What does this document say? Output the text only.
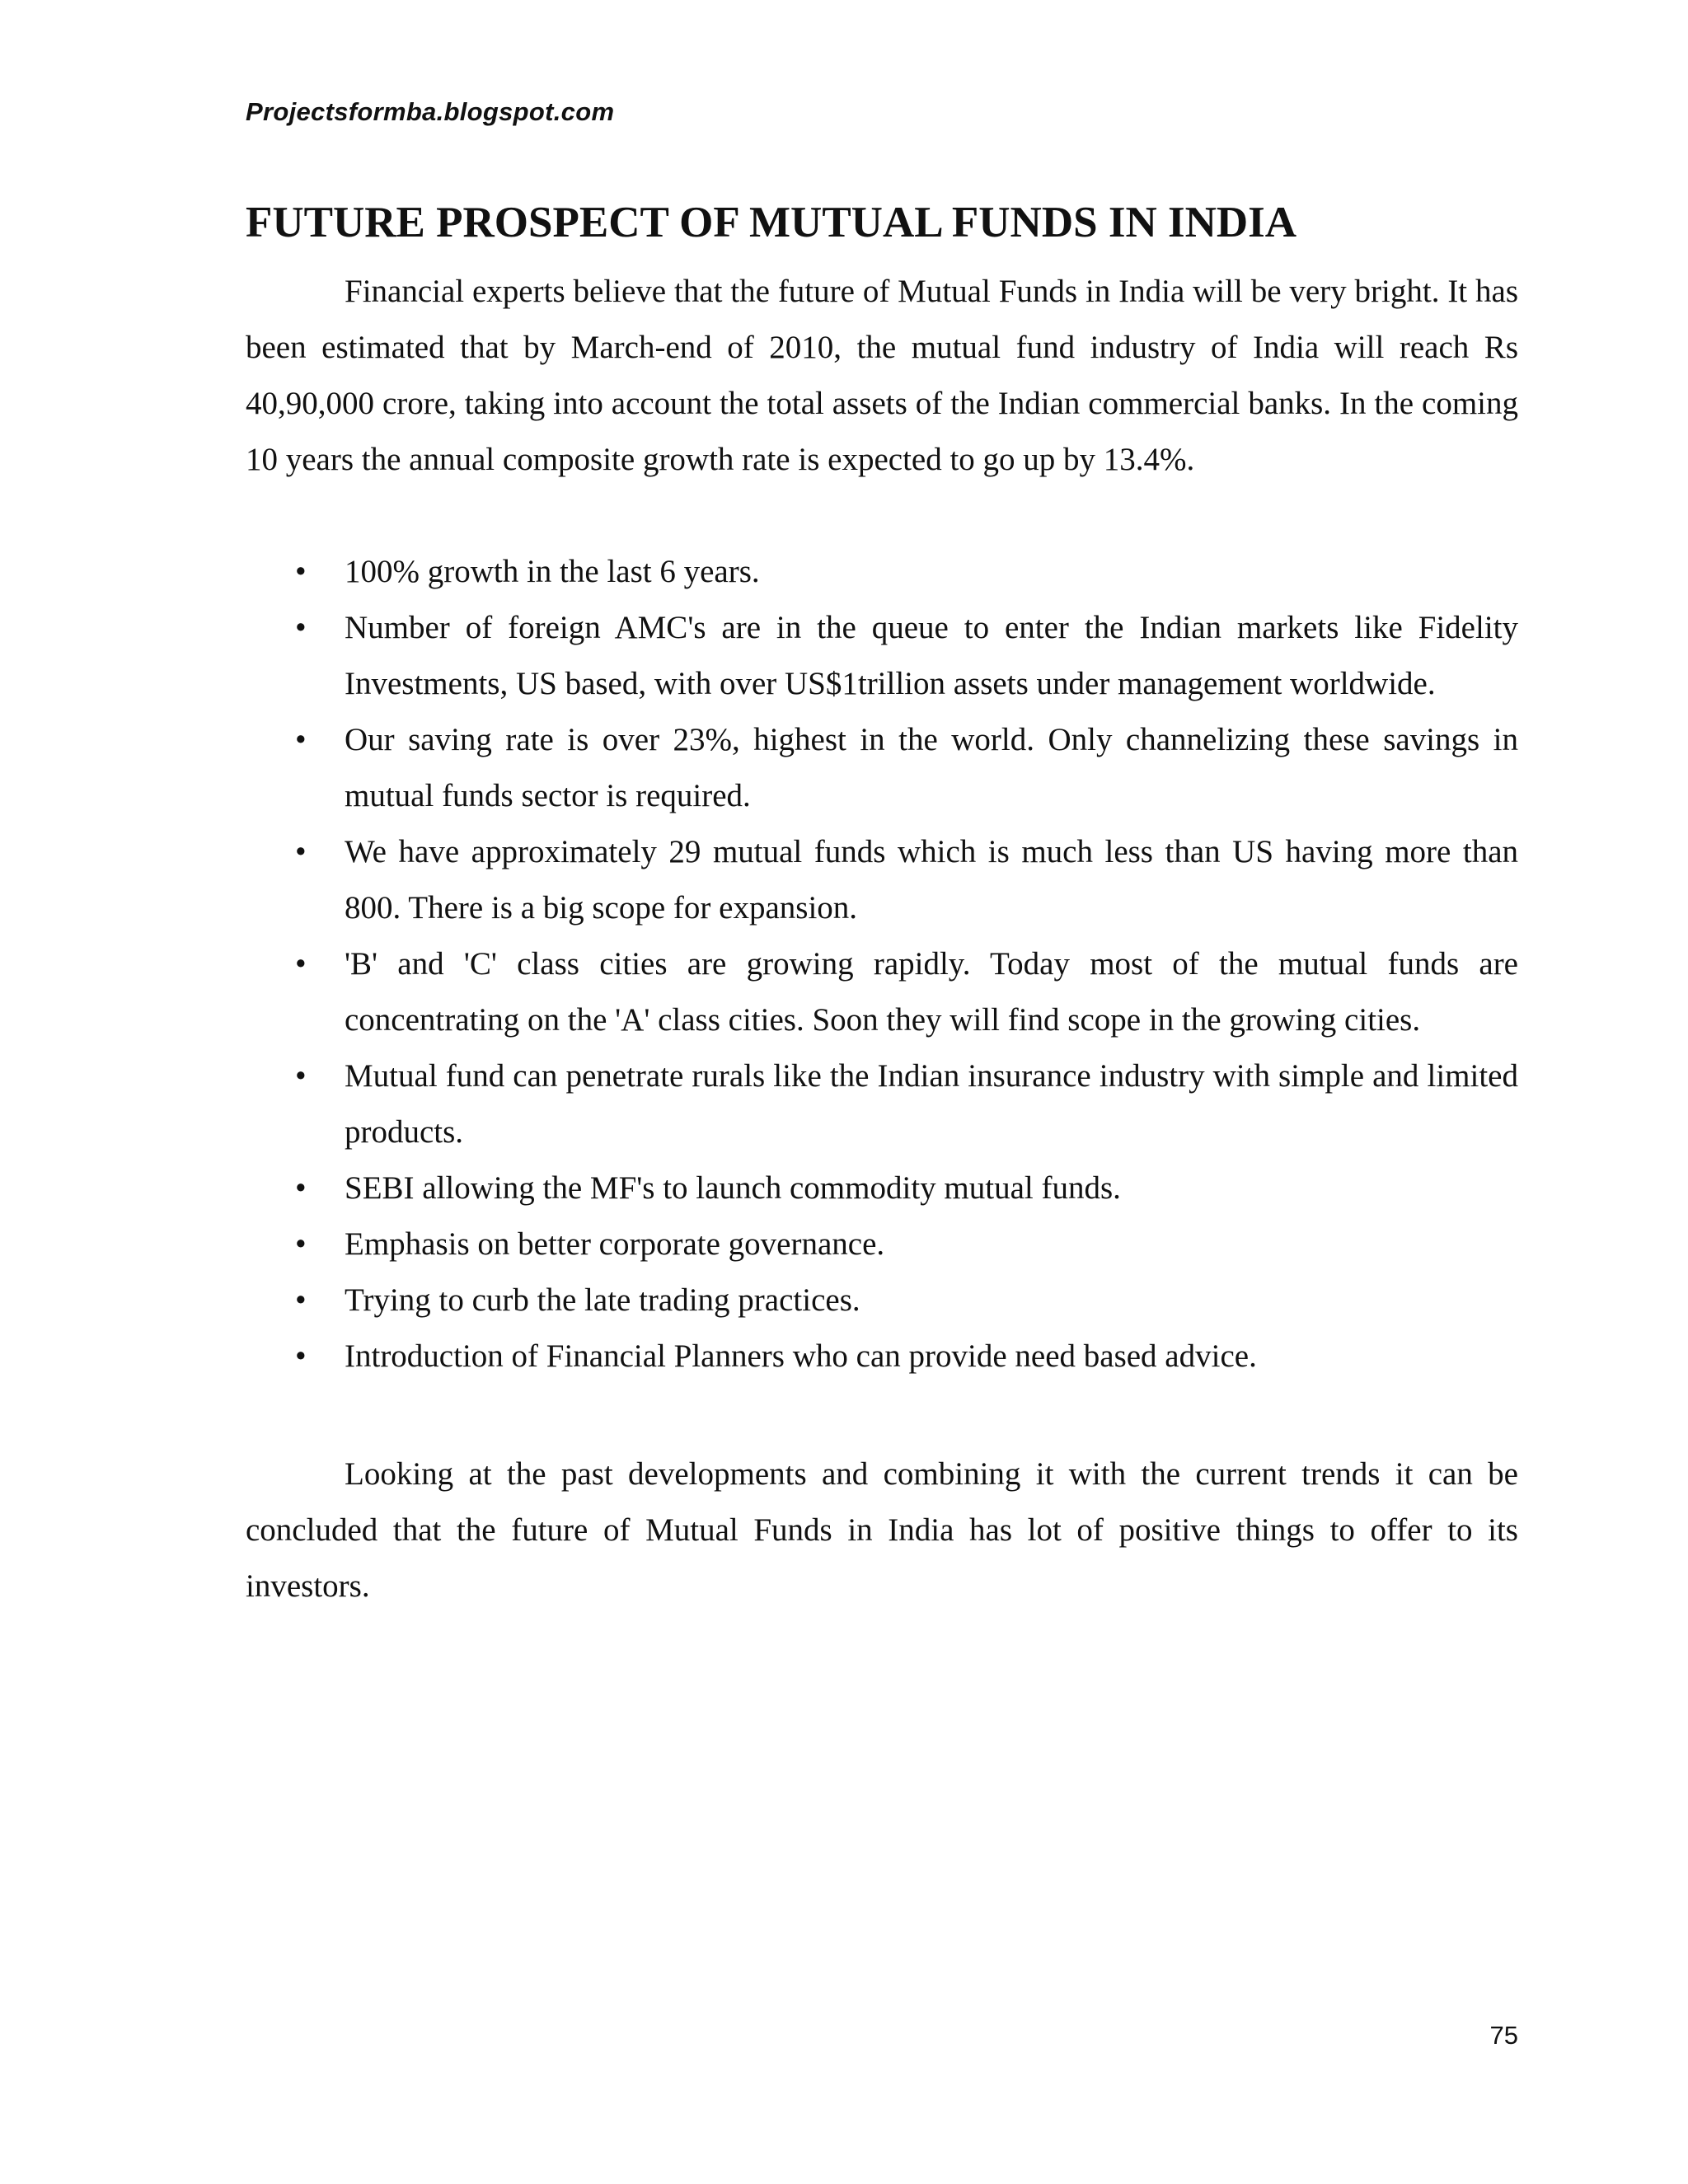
Projectsformba.blogspot.com
FUTURE PROSPECT OF MUTUAL FUNDS IN INDIA

Financial experts believe that the future of Mutual Funds in India will be very bright. It has been estimated that by March-end of 2010, the mutual fund industry of India will reach Rs 40,90,000 crore, taking into account the total assets of the Indian commercial banks. In the coming 10 years the annual composite growth rate is expected to go up by 13.4%.

• 100% growth in the last 6 years.
• Number of foreign AMC's are in the queue to enter the Indian markets like Fidelity Investments, US based, with over US$1trillion assets under management worldwide.
• Our saving rate is over 23%, highest in the world. Only channelizing these savings in mutual funds sector is required.
• We have approximately 29 mutual funds which is much less than US having more than 800. There is a big scope for expansion.
• 'B' and 'C' class cities are growing rapidly. Today most of the mutual funds are concentrating on the 'A' class cities. Soon they will find scope in the growing cities.
• Mutual fund can penetrate rurals like the Indian insurance industry with simple and limited products.
• SEBI allowing the MF's to launch commodity mutual funds.
• Emphasis on better corporate governance.
• Trying to curb the late trading practices.
• Introduction of Financial Planners who can provide need based advice.

Looking at the past developments and combining it with the current trends it can be concluded that the future of Mutual Funds in India has lot of positive things to offer to its investors.

75
